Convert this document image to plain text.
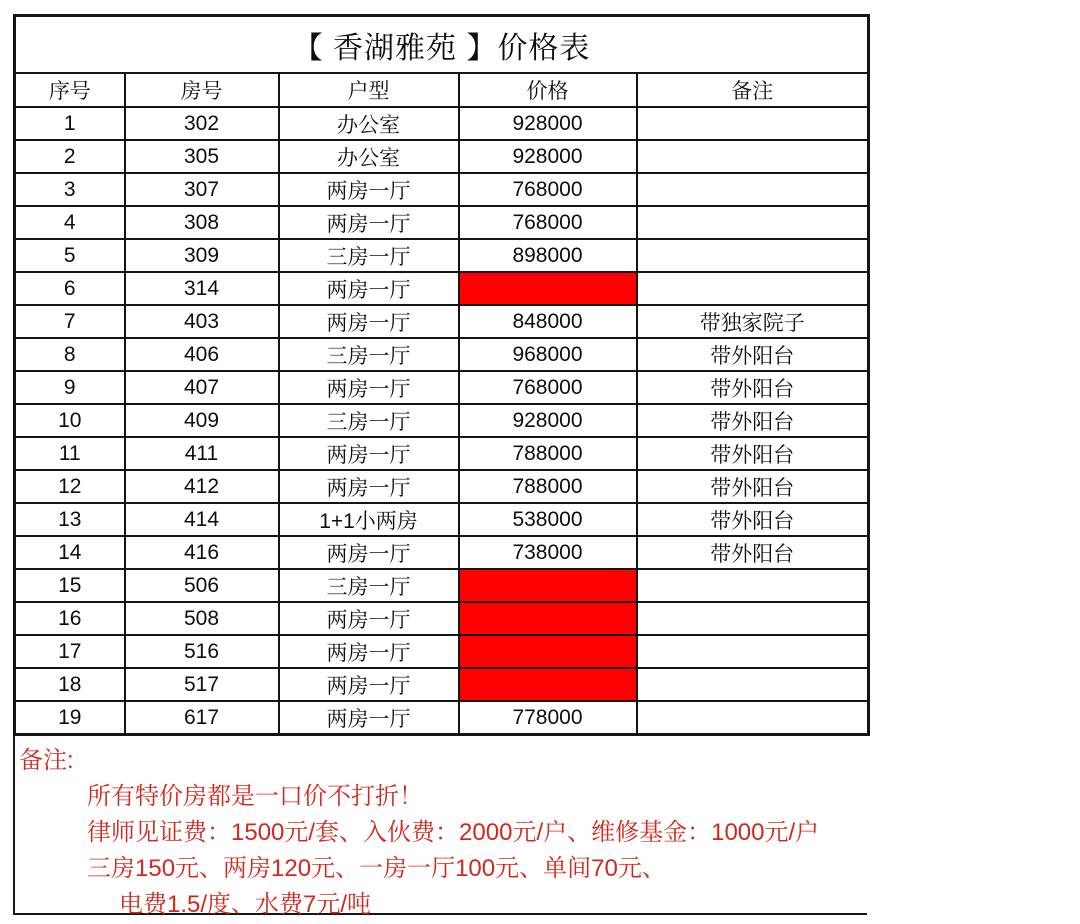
【 香湖雅苑 】价格表				
序号	房号	户型	价格	备注
1	302	办公室	928000	
2	305	办公室	928000	
3	307	两房一厅	768000	
4	308	两房一厅	768000	
5	309	三房一厅	898000	
6	314	两房一厅		
7	403	两房一厅	848000	带独家院子
8	406	三房一厅	968000	带外阳台
9	407	两房一厅	768000	带外阳台
10	409	三房一厅	928000	带外阳台
11	411	两房一厅	788000	带外阳台
12	412	两房一厅	788000	带外阳台
13	414	1+1小两房	538000	带外阳台
14	416	两房一厅	738000	带外阳台
15	506	三房一厅		
16	508	两房一厅		
17	516	两房一厅		
18	517	两房一厅		
19	617	两房一厅	778000	
备注:
所有特价房都是一口价不打折！
律师见证费：1500元/套、入伙费：2000元/户、维修基金：1000元/户
三房150元、两房120元、一房一厅100元、单间70元、
电费1.5/度、水费7元/吨
